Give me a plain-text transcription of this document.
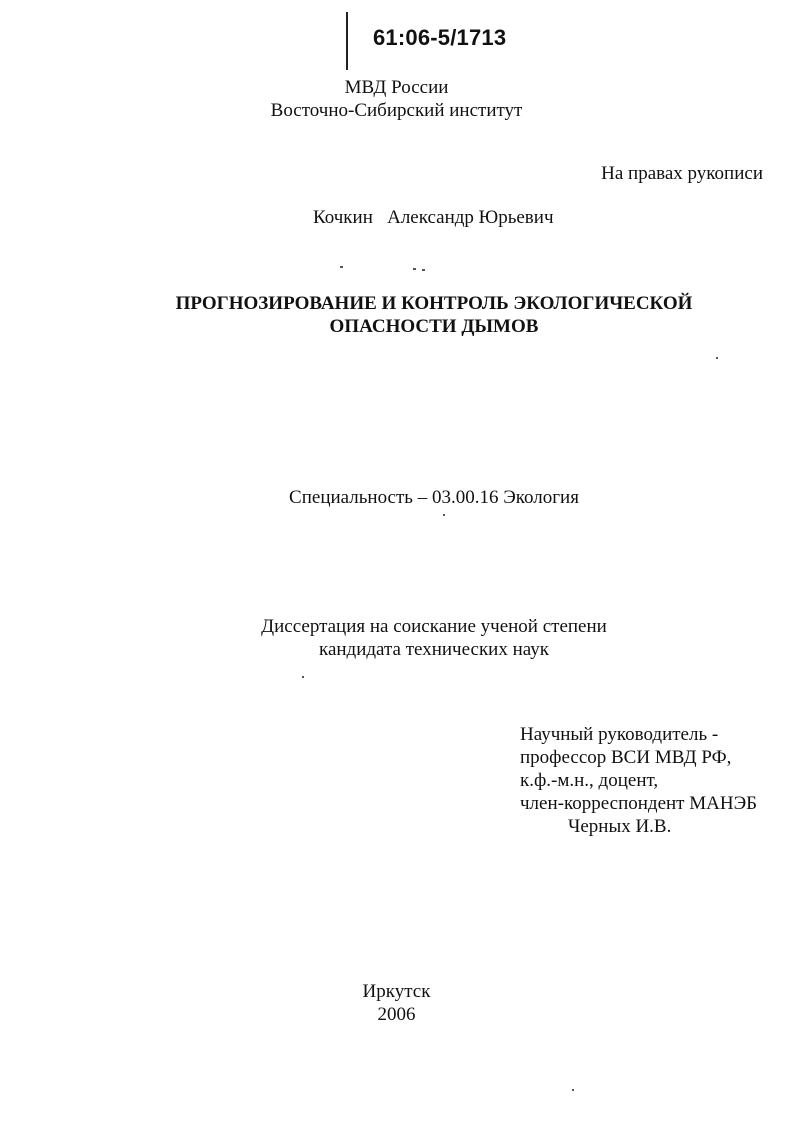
61:06-5/1713
МВД России
Восточно-Сибирский институт
На правах рукописи
Кочкин   Александр Юрьевич
ПРОГНОЗИРОВАНИЕ И КОНТРОЛЬ ЭКОЛОГИЧЕСКОЙ
ОПАСНОСТИ ДЫМОВ
Специальность – 03.00.16 Экология
Диссертация на соискание ученой степени
кандидата технических наук
Научный руководитель -
профессор ВСИ МВД РФ,
к.ф.-м.н., доцент,
член-корреспондент МАНЭБ
Черных И.В.
Иркутск
2006
